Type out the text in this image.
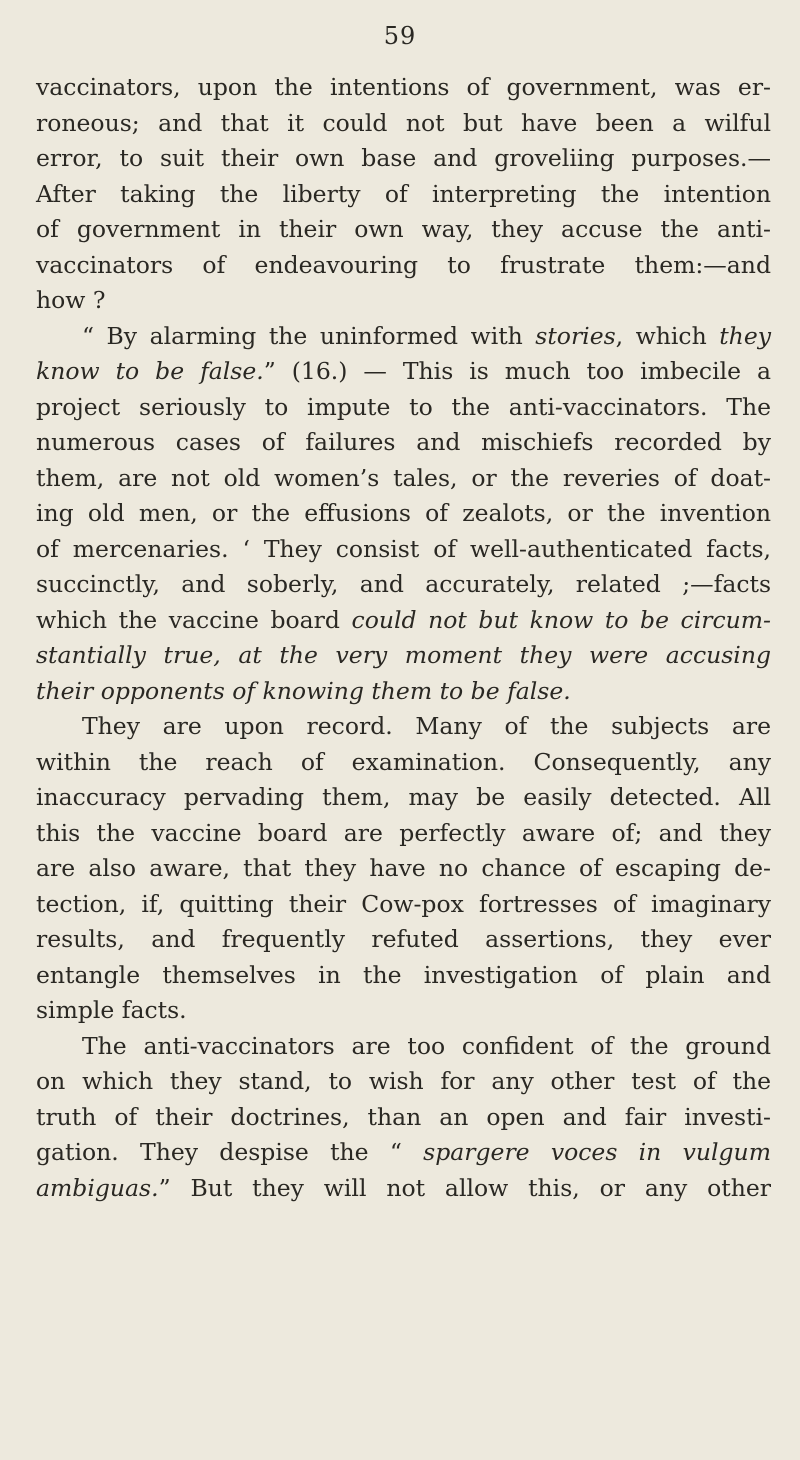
59
vaccinators, upon the intentions of government, was er-
roneous; and that it could not but have been a wilful
error, to suit their own base and groveliing purposes.—
After taking the liberty of interpreting the intention
of government in their own way, they accuse the anti-
vaccinators of endeavouring to frustrate them:—and
how ?
“ By alarming the uninformed with stories, which they
know to be false.” (16.) — This is much too imbecile a
project seriously to impute to the anti-vaccinators. The
numerous cases of failures and mischiefs recorded by
them, are not old women’s tales, or the reveries of doat-
ing old men, or the effusions of zealots, or the invention
of mercenaries. ‘ They consist of well-authenticated facts,
succinctly, and soberly, and accurately, related ;—facts
which the vaccine board could not but know to be circum-
stantially true, at the very moment they were accusing
their opponents of knowing them to be false.
They are upon record. Many of the subjects are
within the reach of examination. Consequently, any
inaccuracy pervading them, may be easily detected. All
this the vaccine board are perfectly aware of; and they
are also aware, that they have no chance of escaping de-
tection, if, quitting their Cow-pox fortresses of imaginary
results, and frequently refuted assertions, they ever
entangle themselves in the investigation of plain and
simple facts.
The anti-vaccinators are too confident of the ground
on which they stand, to wish for any other test of the
truth of their doctrines, than an open and fair investi-
gation. They despise the “ spargere voces in vulgum
ambiguas.” But they will not allow this, or any other
